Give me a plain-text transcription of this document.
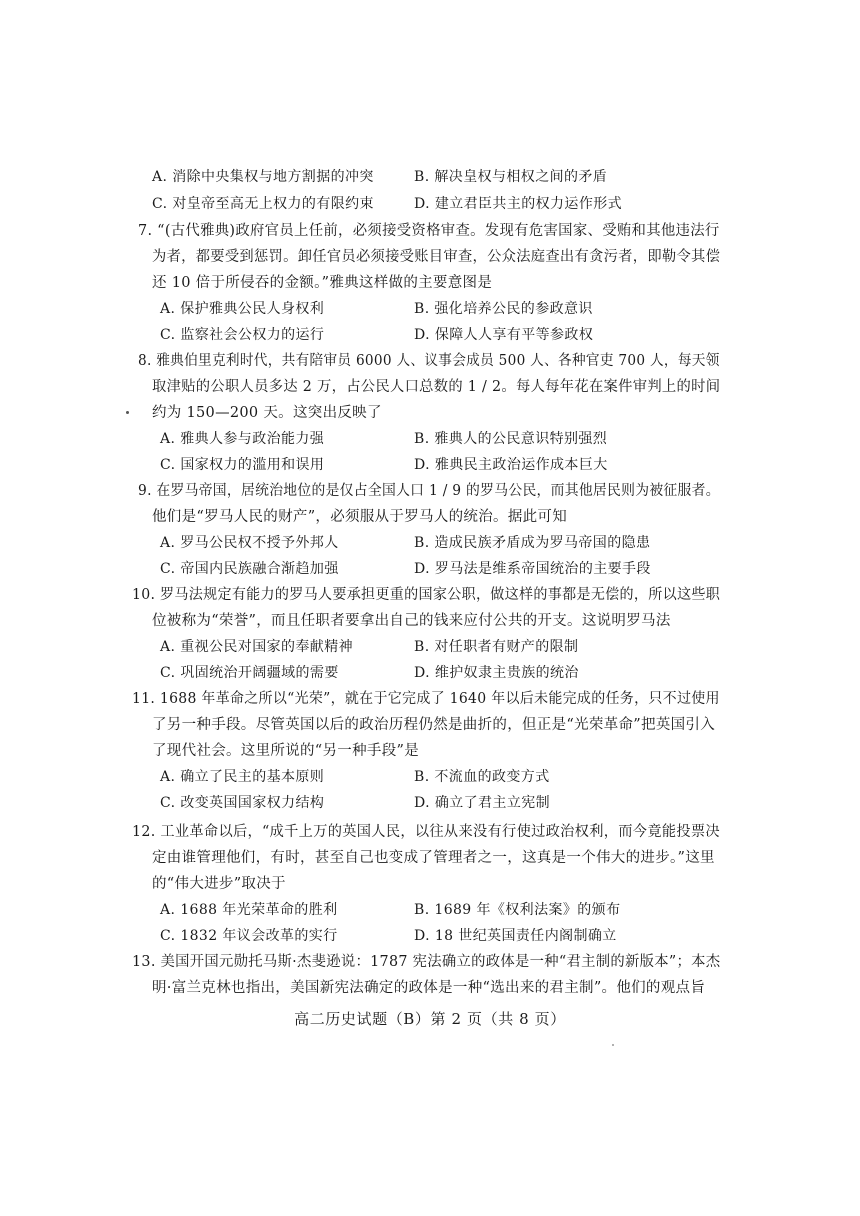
A. 消除中央集权与地方割据的冲突	B. 解决皇权与相权之间的矛盾
C. 对皇帝至高无上权力的有限约束	D. 建立君臣共主的权力运作形式
7. “(古代雅典)政府官员上任前，必须接受资格审查。发现有危害国家、受贿和其他违法行
为者，都要受到惩罚。卸任官员必须接受账目审查，公众法庭查出有贪污者，即勒令其偿
还 10 倍于所侵吞的金额。”雅典这样做的主要意图是
A. 保护雅典公民人身权利	B. 强化培养公民的参政意识
C. 监察社会公权力的运行	D. 保障人人享有平等参政权
8. 雅典伯里克利时代，共有陪审员 6000 人、议事会成员 500 人、各种官吏 700 人，每天领
取津贴的公职人员多达 2 万，占公民人口总数的 1 / 2。每人每年花在案件审判上的时间
约为 150—200 天。这突出反映了
A. 雅典人参与政治能力强	B. 雅典人的公民意识特别强烈
C. 国家权力的滥用和误用	D. 雅典民主政治运作成本巨大
9. 在罗马帝国，居统治地位的是仅占全国人口 1 / 9 的罗马公民，而其他居民则为被征服者。
他们是“罗马人民的财产”，必须服从于罗马人的统治。据此可知
A. 罗马公民权不授予外邦人	B. 造成民族矛盾成为罗马帝国的隐患
C. 帝国内民族融合渐趋加强	D. 罗马法是维系帝国统治的主要手段
10. 罗马法规定有能力的罗马人要承担更重的国家公职，做这样的事都是无偿的，所以这些职
位被称为“荣誉”，而且任职者要拿出自己的钱来应付公共的开支。这说明罗马法
A. 重视公民对国家的奉献精神	B. 对任职者有财产的限制
C. 巩固统治开阔疆域的需要	D. 维护奴隶主贵族的统治
11. 1688 年革命之所以“光荣”，就在于它完成了 1640 年以后未能完成的任务，只不过使用
了另一种手段。尽管英国以后的政治历程仍然是曲折的，但正是“光荣革命”把英国引入
了现代社会。这里所说的“另一种手段”是
A. 确立了民主的基本原则	B. 不流血的政变方式
C. 改变英国国家权力结构	D. 确立了君主立宪制
12. 工业革命以后，“成千上万的英国人民，以往从来没有行使过政治权利，而今竟能投票决
定由谁管理他们，有时，甚至自己也变成了管理者之一，这真是一个伟大的进步。”这里
的“伟大进步”取决于
A. 1688 年光荣革命的胜利	B. 1689 年《权利法案》的颁布
C. 1832 年议会改革的实行	D. 18 世纪英国责任内阁制确立
13. 美国开国元勋托马斯·杰斐逊说：1787 宪法确立的政体是一种“君主制的新版本”；本杰
明·富兰克林也指出，美国新宪法确定的政体是一种“选出来的君主制”。他们的观点旨
高二历史试题（B）第 2 页（共 8 页）
